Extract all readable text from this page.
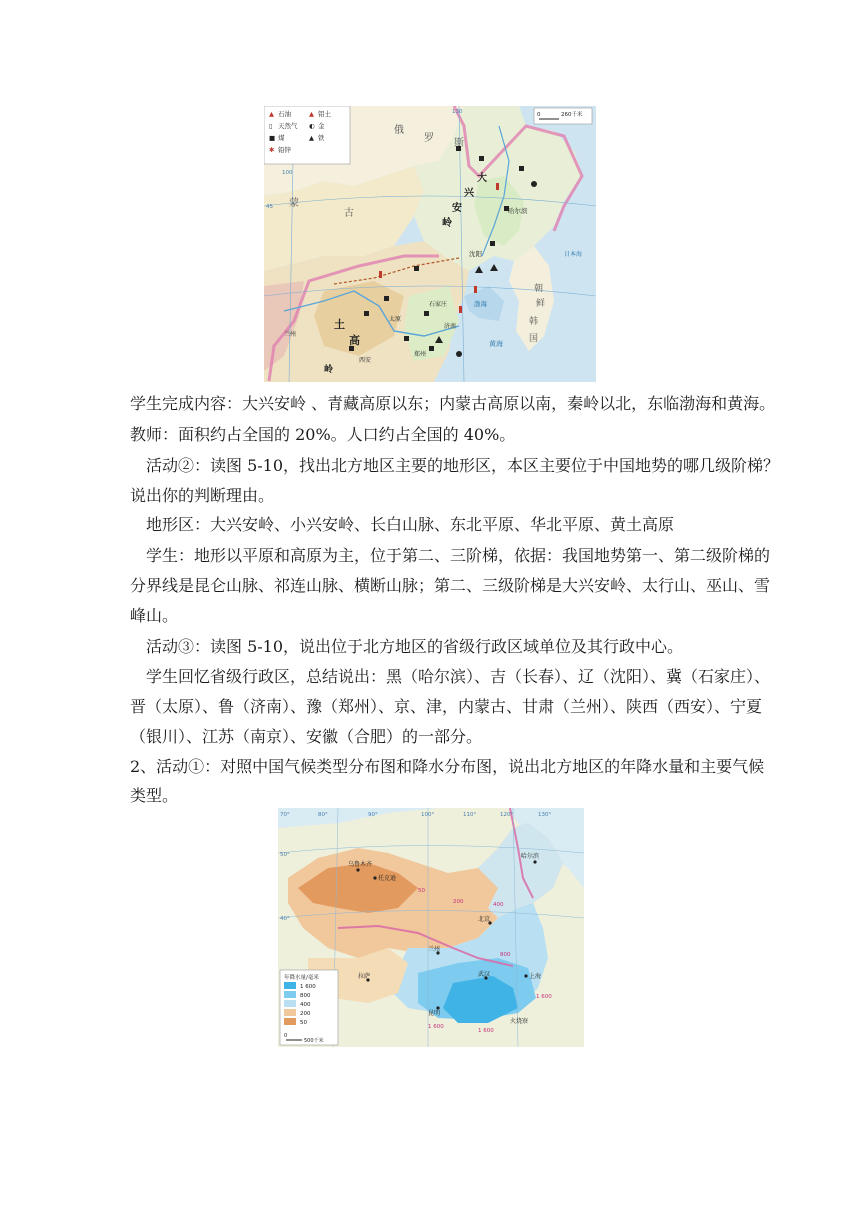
▲ 石油	▲ 铝土
▯ 天然气 ◐ 金
■ 煤	▲ 铁
✱ 铅锌
0	260千米
俄
罗 斯
蒙
古
大
兴
安
岭
哈尔滨
沈阳
朝
鲜
韩
国
黄海
渤海
日本海
太原
石家庄
济南
郑州
西安
兰州
土
高
岭
130
100
45
学生完成内容：大兴安岭 、青藏高原以东；内蒙古高原以南，秦岭以北，东临渤海和黄海。
教师：面积约占全国的 20%。人口约占全国的 40%。
活动②：读图 5-10，找出北方地区主要的地形区，本区主要位于中国地势的哪几级阶梯？
说出你的判断理由。
地形区：大兴安岭、小兴安岭、长白山脉、东北平原、华北平原、黄土高原
学生：地形以平原和高原为主，位于第二、三阶梯，依据：我国地势第一、第二级阶梯的
分界线是昆仑山脉、祁连山脉、横断山脉；第二、三级阶梯是大兴安岭、太行山、巫山、雪
峰山。
活动③：读图 5-10，说出位于北方地区的省级行政区域单位及其行政中心。
学生回忆省级行政区，总结说出：黑（哈尔滨）、吉（长春）、辽（沈阳）、冀（石家庄）、
晋（太原）、鲁（济南）、豫（郑州）、京、津，内蒙古、甘肃（兰州）、陕西（西安）、宁夏
（银川）、江苏（南京）、安徽（合肥）的一部分。
2、活动①：对照中国气候类型分布图和降水分布图，说出北方地区的年降水量和主要气候
类型。
乌鲁木齐
托克逊
哈尔滨
北京
兰州
武汉	上海
拉萨
昆明
火烧寮
50
200	400
800
1 600
1 600
1 600
70°	80°	90°	100°	110°	120°	130°
50°
40°
年降水量/毫米
1 600
800
400
200
50
0
500千米
